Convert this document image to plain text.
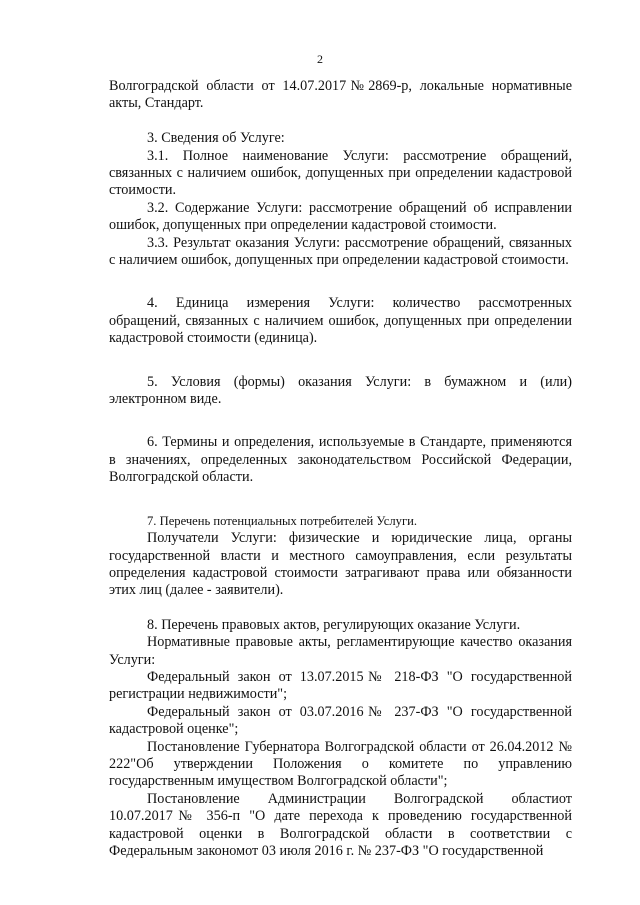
2

Волгоградской области от 14.07.2017№2869-р, локальные нормативные акты, Стандарт.

3. Сведения об Услуге:

3.1. Полное наименование Услуги: рассмотрение обращений, связанных с наличием ошибок, допущенных при определении кадастровой стоимости.

3.2. Содержание Услуги: рассмотрение обращений об исправлении ошибок, допущенных при определении кадастровой стоимости.

3.3. Результат оказания Услуги: рассмотрение обращений, связанных с наличием ошибок, допущенных при определении кадастровой стоимости.

4. Единица измерения Услуги: количество рассмотренных обращений, связанных с наличием ошибок, допущенных при определении кадастровой стоимости (единица).

5. Условия (формы) оказания Услуги: в бумажном и (или) электронном виде.

6. Термины и определения, используемые в Стандарте, применяются в значениях, определенных законодательством Российской Федерации, Волгоградской области.

7. Перечень потенциальных потребителей Услуги.

Получатели Услуги: физические и юридические лица, органы государственной власти и местного самоуправления, если результаты определения кадастровой стоимости затрагивают права или обязанности этих лиц (далее - заявители).

8. Перечень правовых актов, регулирующих оказание Услуги.

Нормативные правовые акты, регламентирующие качество оказания Услуги:

Федеральный закон от 13.07.2015№ 218-ФЗ "О государственной регистрации недвижимости";

Федеральный закон от 03.07.2016№ 237-ФЗ "О государственной кадастровой оценке";

Постановление Губернатора Волгоградской области от 26.04.2012 № 222"Об утверждении Положения о комитете по управлению государственным имуществом Волгоградской области";

Постановление Администрации Волгоградской областиот 10.07.2017№ 356-п "О дате перехода к проведению государственной кадастровой оценки в Волгоградской области в соответствии с Федеральным закономот 03 июля 2016 г. № 237-ФЗ "О государственной
